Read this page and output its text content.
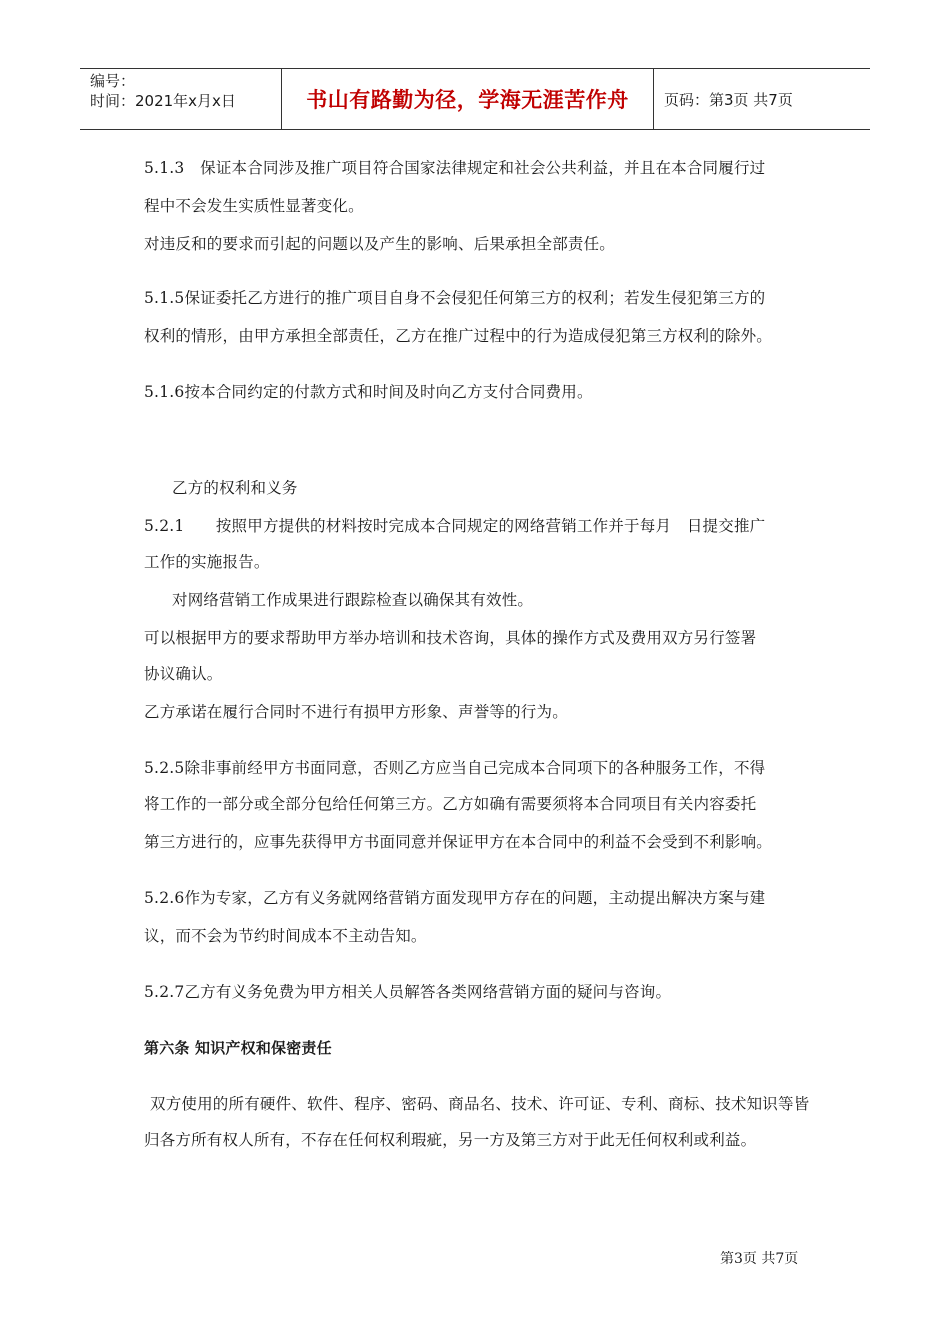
编号：
时间：2021年x月x日	书山有路勤为径，学海无涯苦作舟	页码：第3页 共7页
5.1.3　保证本合同涉及推广项目符合国家法律规定和社会公共利益，并且在本合同履行过
程中不会发生实质性显著变化。
对违反和的要求而引起的问题以及产生的影响、后果承担全部责任。
5.1.5保证委托乙方进行的推广项目自身不会侵犯任何第三方的权利；若发生侵犯第三方的
权利的情形，由甲方承担全部责任，乙方在推广过程中的行为造成侵犯第三方权利的除外。
5.1.6按本合同约定的付款方式和时间及时向乙方支付合同费用。
乙方的权利和义务
5.2.1　　按照甲方提供的材料按时完成本合同规定的网络营销工作并于每月　日提交推广
工作的实施报告。
对网络营销工作成果进行跟踪检查以确保其有效性。
可以根据甲方的要求帮助甲方举办培训和技术咨询，具体的操作方式及费用双方另行签署
协议确认。
乙方承诺在履行合同时不进行有损甲方形象、声誉等的行为。
5.2.5除非事前经甲方书面同意，否则乙方应当自己完成本合同项下的各种服务工作，不得
将工作的一部分或全部分包给任何第三方。乙方如确有需要须将本合同项目有关内容委托
第三方进行的，应事先获得甲方书面同意并保证甲方在本合同中的利益不会受到不利影响。
5.2.6作为专家，乙方有义务就网络营销方面发现甲方存在的问题，主动提出解决方案与建
议，而不会为节约时间成本不主动告知。
5.2.7乙方有义务免费为甲方相关人员解答各类网络营销方面的疑问与咨询。
第六条 知识产权和保密责任
双方使用的所有硬件、软件、程序、密码、商品名、技术、许可证、专利、商标、技术知识等皆
归各方所有权人所有，不存在任何权利瑕疵，另一方及第三方对于此无任何权利或利益。
第3页 共7页
